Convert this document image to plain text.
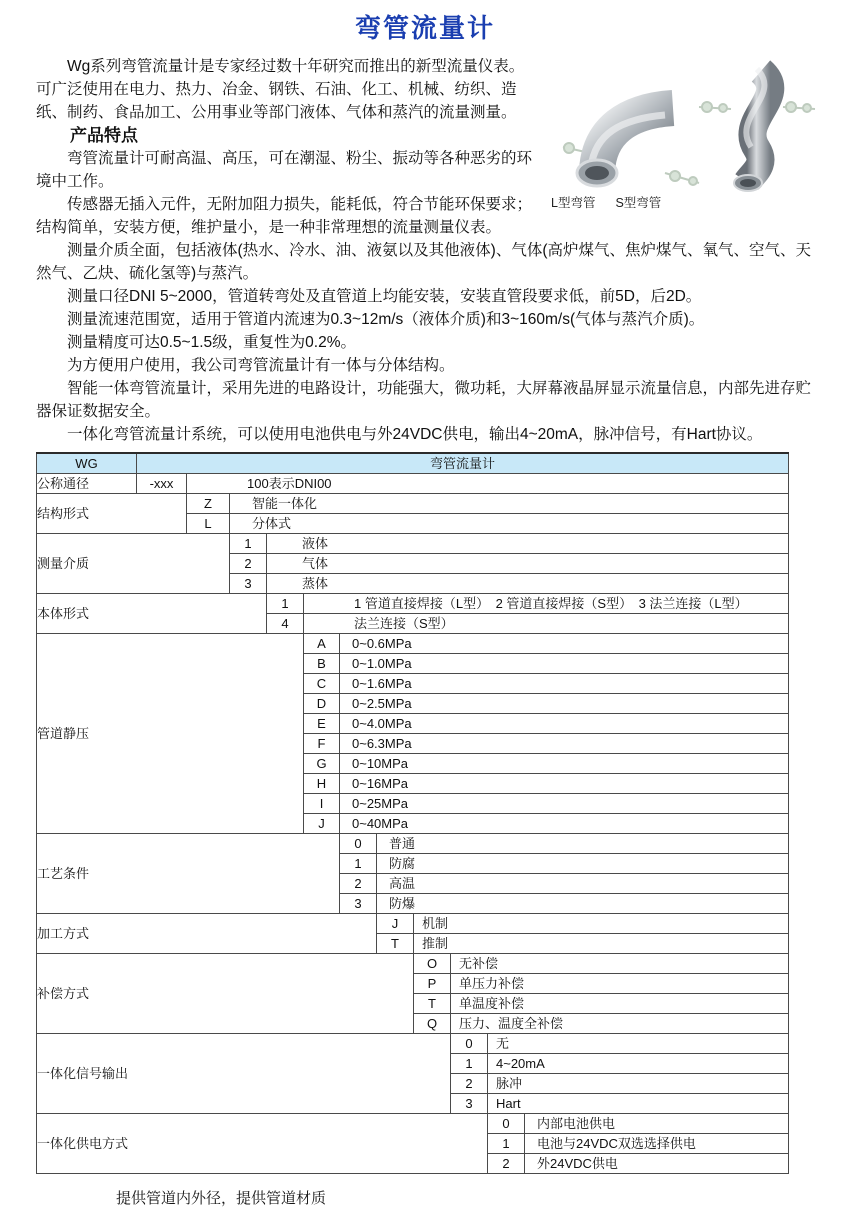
弯管流量计
L型弯管 S型弯管

Wg系列弯管流量计是专家经过数十年研究而推出的新型流量仪表。可广泛使用在电力、热力、冶金、钢铁、石油、化工、机械、纺织、造纸、制药、食品加工、公用事业等部门液体、气体和蒸汽的流量测量。

产品特点

弯管流量计可耐高温、高压，可在潮湿、粉尘、振动等各种恶劣的环境中工作。

传感器无插入元件，无附加阻力损失，能耗低，符合节能环保要求；结构简单，安装方便，维护量小，是一种非常理想的流量测量仪表。

测量介质全面，包括液体(热水、冷水、油、液氨以及其他液体)、气体(高炉煤气、焦炉煤气、氧气、空气、天然气、乙炔、硫化氢等)与蒸汽。

测量口径DNI 5~2000，管道转弯处及直管道上均能安装，安装直管段要求低，前5D，后2D。

测量流速范围宽，适用于管道内流速为0.3~12m/s（液体介质)和3~160m/s(气体与蒸汽介质)。

测量精度可达0.5~1.5级，重复性为0.2%。

为方便用户使用，我公司弯管流量计有一体与分体结构。

智能一体弯管流量计，采用先进的电路设计，功能强大，微功耗，大屏幕液晶屏显示流量信息，内部先进存贮器保证数据安全。

一体化弯管流量计系统，可以使用电池供电与外24VDC供电，输出4~20mA，脉冲信号，有Hart协议。

WG	弯管流量计										
公称通径	-xxx	100表示DNI00									
结构形式		Z	智能一体化								
		L	分体式								
测量介质			1	液体							
			2	气体							
			3	蒸体							
本体形式				1	1 管道直接焊接（L型）　2 管道直接焊接（S型）　3 法兰连接（L型）						
				4	法兰连接（S型）						
管道静压					A	0~0.6MPa					
					B	0~1.0MPa					
					C	0~1.6MPa					
					D	0~2.5MPa					
					E	0~4.0MPa					
					F	0~6.3MPa					
					G	0~10MPa					
					H	0~16MPa					
					I	0~25MPa					
					J	0~40MPa					
工艺条件						0	普通				
						1	防腐				
						2	高温				
						3	防爆				
加工方式							J	机制			
							T	推制			
补偿方式								O	无补偿		
								P	单压力补偿		
								T	单温度补偿		
								Q	压力、温度全补偿		
一体化信号输出									0	无	
									1	4~20mA	
									2	脉冲	
									3	Hart	
一体化供电方式										0	内部电池供电
										1	电池与24VDC双选选择供电
										2	外24VDC供电
提供管道内外径，提供管道材质
